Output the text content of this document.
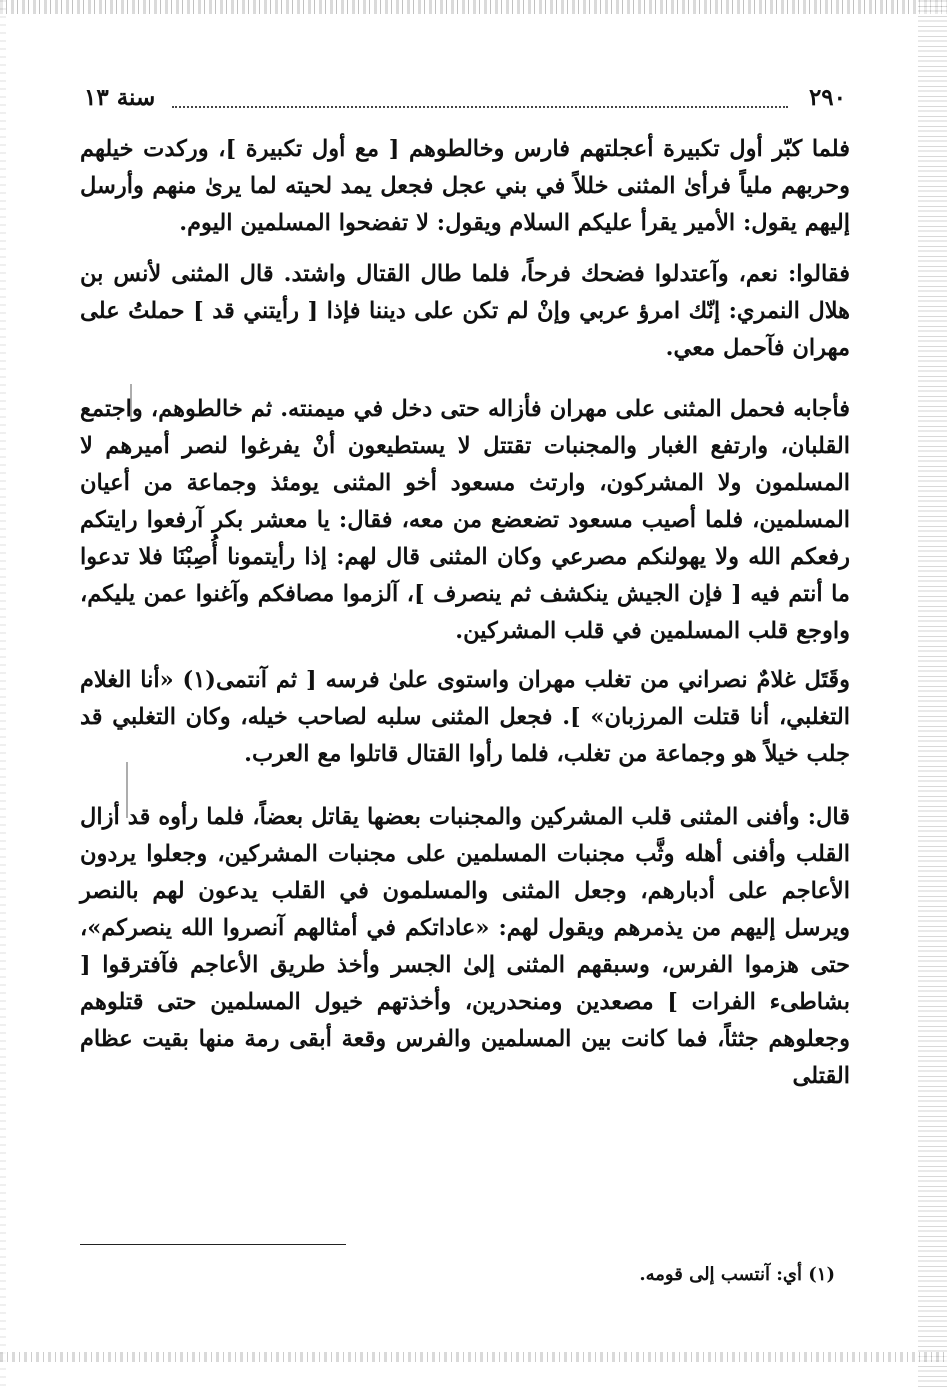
٢٩٠
سنة ١٣

فلما كبّر أول تكبيرة أعجلتهم فارس وخالطوهم [ مع أول تكبيرة ]، وركدت خيلهم وحربهم ملياً فرأىٰ المثنى خللاً في بني عجل فجعل يمد لحيته لما يرىٰ منهم وأرسل إليهم يقول: الأمير يقرأ عليكم السلام ويقول: لا تفضحوا المسلمين اليوم.

فقالوا: نعم، وآعتدلوا فضحك فرحاً، فلما طال القتال واشتد. قال المثنى لأنس بن هلال النمري: إنّك امرؤ عربي وإنْ لم تكن على ديننا فإذا [ رأيتني قد ] حملتُ على مهران فآحمل معي.

فأجابه فحمل المثنى على مهران فأزاله حتى دخل في ميمنته. ثم خالطوهم، واجتمع القلبان، وارتفع الغبار والمجنبات تقتتل لا يستطيعون أنْ يفرغوا لنصر أميرهم لا المسلمون ولا المشركون، وارتث مسعود أخو المثنى يومئذ وجماعة من أعيان المسلمين، فلما أصيب مسعود تضعضع من معه، فقال: يا معشر بكر آرفعوا رايتكم رفعكم الله ولا يهولنكم مصرعي وكان المثنى قال لهم: إذا رأيتمونا أُصِبْنَا فلا تدعوا ما أنتم فيه [ فإن الجيش ينكشف ثم ينصرف ]، آلزموا مصافكم وآغنوا عمن يليكم، واوجع قلب المسلمين في قلب المشركين.

وقَتَل غلامٌ نصراني من تغلب مهران واستوى علىٰ فرسه [ ثم آنتمى(١) «أنا الغلام التغلبي، أنا قتلت المرزبان» ]. فجعل المثنى سلبه لصاحب خيله، وكان التغلبي قد جلب خيلاً هو وجماعة من تغلب، فلما رأوا القتال قاتلوا مع العرب.

قال: وأفنى المثنى قلب المشركين والمجنبات بعضها يقاتل بعضاً، فلما رأوه قد أزال القلب وأفنى أهله وثَّب مجنبات المسلمين على مجنبات المشركين، وجعلوا يردون الأعاجم على أدبارهم، وجعل المثنى والمسلمون في القلب يدعون لهم بالنصر ويرسل إليهم من يذمرهم ويقول لهم: «عاداتكم في أمثالهم آنصروا الله ينصركم»، حتى هزموا الفرس، وسبقهم المثنى إلىٰ الجسر وأخذ طريق الأعاجم فآفترقوا [ بشاطىء الفرات ] مصعدين ومنحدرين، وأخذتهم خيول المسلمين حتى قتلوهم وجعلوهم جثثاً، فما كانت بين المسلمين والفرس وقعة أبقى رمة منها بقيت عظام القتلى

(١) أي: آنتسب إلى قومه.
